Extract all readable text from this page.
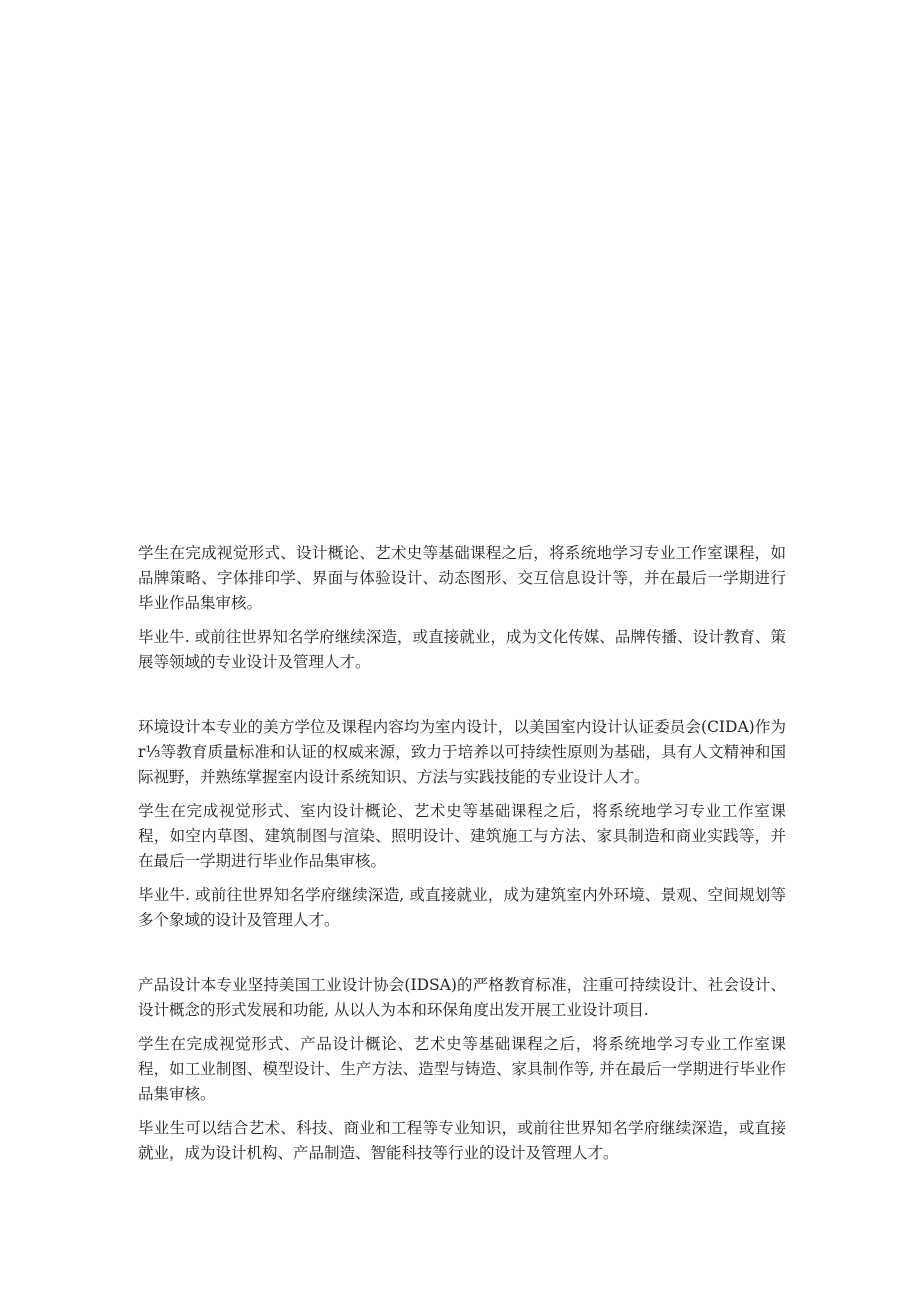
学生在完成视觉形式、设计概论、艺术史等基础课程之后，将系统地学习专业工作室课程，如品牌策略、字体排印学、界面与体验设计、动态图形、交互信息设计等，并在最后一学期进行毕业作品集审核。

毕业牛. 或前往世界知名学府继续深造，或直接就业，成为文化传媒、品牌传播、设计教育、策展等领域的专业设计及管理人才。

环境设计本专业的美方学位及课程内容均为室内设计，以美国室内设计认证委员会(CIDA)作为r⅓等教育质量标准和认证的权威来源，致力于培养以可持续性原则为基础，具有人文精神和国际视野，并熟练掌握室内设计系统知识、方法与实践技能的专业设计人才。

学生在完成视觉形式、室内设计概论、艺术史等基础课程之后，将系统地学习专业工作室课程，如空内草图、建筑制图与渲染、照明设计、建筑施工与方法、家具制造和商业实践等，并在最后一学期进行毕业作品集审核。

毕业牛. 或前往世界知名学府继续深造, 或直接就业，成为建筑室内外环境、景观、空间规划等多个象域的设计及管理人才。

产品设计本专业坚持美国工业设计协会(IDSA)的严格教育标准，注重可持续设计、社会设计、设计概念的形式发展和功能, 从以人为本和环保角度出发开展工业设计项目.

学生在完成视觉形式、产品设计概论、艺术史等基础课程之后，将系统地学习专业工作室课程，如工业制图、模型设计、生产方法、造型与铸造、家具制作等, 并在最后一学期进行毕业作品集审核。

毕业生可以结合艺术、科技、商业和工程等专业知识，或前往世界知名学府继续深造，或直接就业，成为设计机构、产品制造、智能科技等行业的设计及管理人才。
